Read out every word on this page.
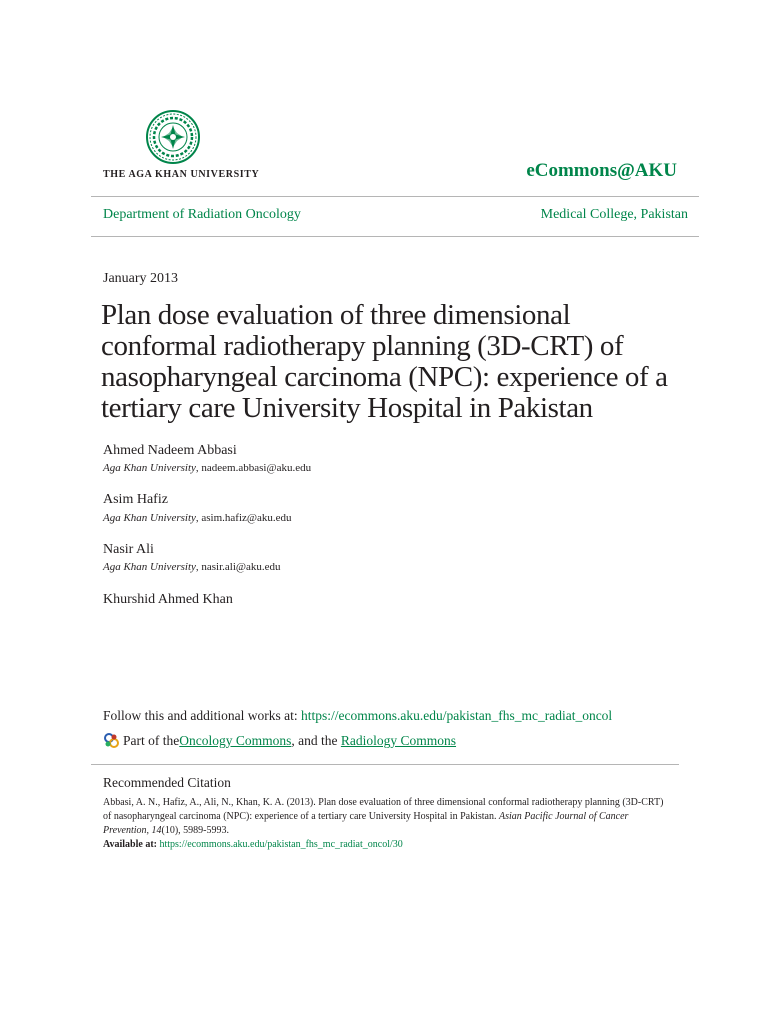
THE AGA KHAN UNIVERSITY	eCommons@AKU
Department of Radiation Oncology	Medical College, Pakistan
January 2013
Plan dose evaluation of three dimensional
conformal radiotherapy planning (3D-CRT) of
nasopharyngeal carcinoma (NPC): experience of a
tertiary care University Hospital in Pakistan
Ahmed Nadeem Abbasi
Aga Khan University, nadeem.abbasi@aku.edu
Asim Hafiz
Aga Khan University, asim.hafiz@aku.edu
Nasir Ali
Aga Khan University, nasir.ali@aku.edu
Khurshid Ahmed Khan
Follow this and additional works at: https://ecommons.aku.edu/pakistan_fhs_mc_radiat_oncol
Part of the Oncology Commons , and the Radiology Commons
Recommended Citation
Abbasi, A. N., Hafiz, A., Ali, N., Khan, K. A. (2013). Plan dose evaluation of three dimensional conformal radiotherapy planning (3D-CRT) of nasopharyngeal carcinoma (NPC): experience of a tertiary care University Hospital in Pakistan. Asian Pacific Journal of Cancer Prevention, 14(10), 5989-5993.
Available at: https://ecommons.aku.edu/pakistan_fhs_mc_radiat_oncol/30
